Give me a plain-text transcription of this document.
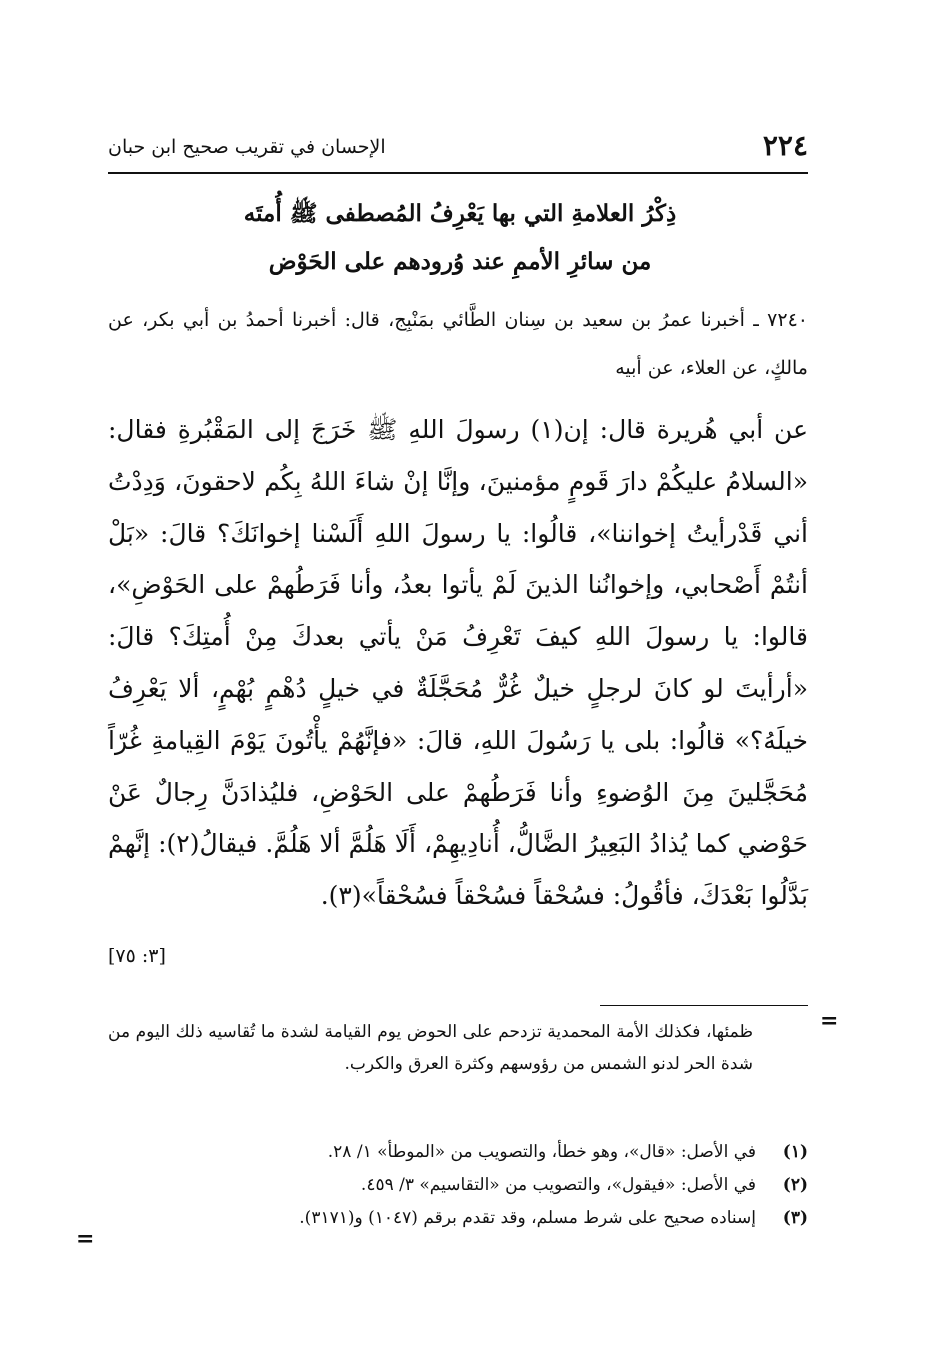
٢٢٤
الإحسان في تقريب صحيح ابن حبان
ذِكْرُ العلامةِ التي بها يَعْرِفُ المُصطفى ﷺ أُمتَه
من سائرِ الأممِ عند وُرودهم على الحَوْض
٧٢٤٠ ـ أخبرنا عمرُ بن سعيد بن سِنان الطَّائي بمَنْبِج، قال: أخبرنا أحمدُ بن أبي بكر، عن مالكٍ، عن العلاء، عن أبيه
عن أبي هُريرة قال: إن(١) رسولَ اللهِ ﷺ خَرَجَ إلى المَقْبُرةِ فقال: «السلامُ عليكُمْ دارَ قَومٍ مؤمنينَ، وإنَّا إنْ شاءَ اللهُ بِكُم لاحقونَ، وَدِدْتُ أني قَدْرأيتُ إخواننا»، قالُوا: يا رسولَ اللهِ أَلَسْنا إخوانَكَ؟ قالَ: «بَلْ أنتُمْ أَصْحابي، وإخوانُنا الذينَ لَمْ يأتوا بعدُ، وأنا فَرَطُهمْ على الحَوْضِ»، قالوا: يا رسولَ اللهِ كيفَ تَعْرِفُ مَنْ يأتي بعدكَ مِنْ أُمتِكَ؟ قالَ: «أرأيتَ لو كانَ لرجلٍ خيلٌ غُرٌّ مُحَجَّلَةٌ في خيلٍ دُهْمٍ بُهْمٍ، ألا يَعْرِفُ خيلَهُ؟» قالُوا: بلى يا رَسُولَ اللهِ، قالَ: «فإنَّهُمْ يأْتُونَ يَوْمَ القِيامةِ غُرّاً مُحَجَّلينَ مِنَ الوُضوءِ وأنا فَرَطُهمْ على الحَوْضِ، فليُذادَنَّ رِجالٌ عَنْ حَوْضي كما يُذادُ البَعِيرُ الضَّالُّ، أُنادِيهِمْ، أَلَا هَلُمَّ ألا هَلُمَّ. فيقالُ(٢): إنَّهمْ بَدَّلُوا بَعْدَكَ، فأقُولُ: فسُحْقاً فسُحْقاً فسُحْقاً»(٣).
[٣: ٧٥]
=
ظمئها، فكذلك الأمة المحمدية تزدحم على الحوض يوم القيامة لشدة ما تُقاسيه ذلك اليوم من شدة الحر لدنو الشمس من رؤوسهم وكثرة العرق والكرب.
(١)
في الأصل: «قال»، وهو خطأ، والتصويب من «الموطأ» ١/ ٢٨.
(٢)
في الأصل: «فيقول»، والتصويب من «التقاسيم» ٣/ ٤٥٩.
(٣)
إسناده صحيح على شرط مسلم، وقد تقدم برقم (١٠٤٧) و(٣١٧١).
=
